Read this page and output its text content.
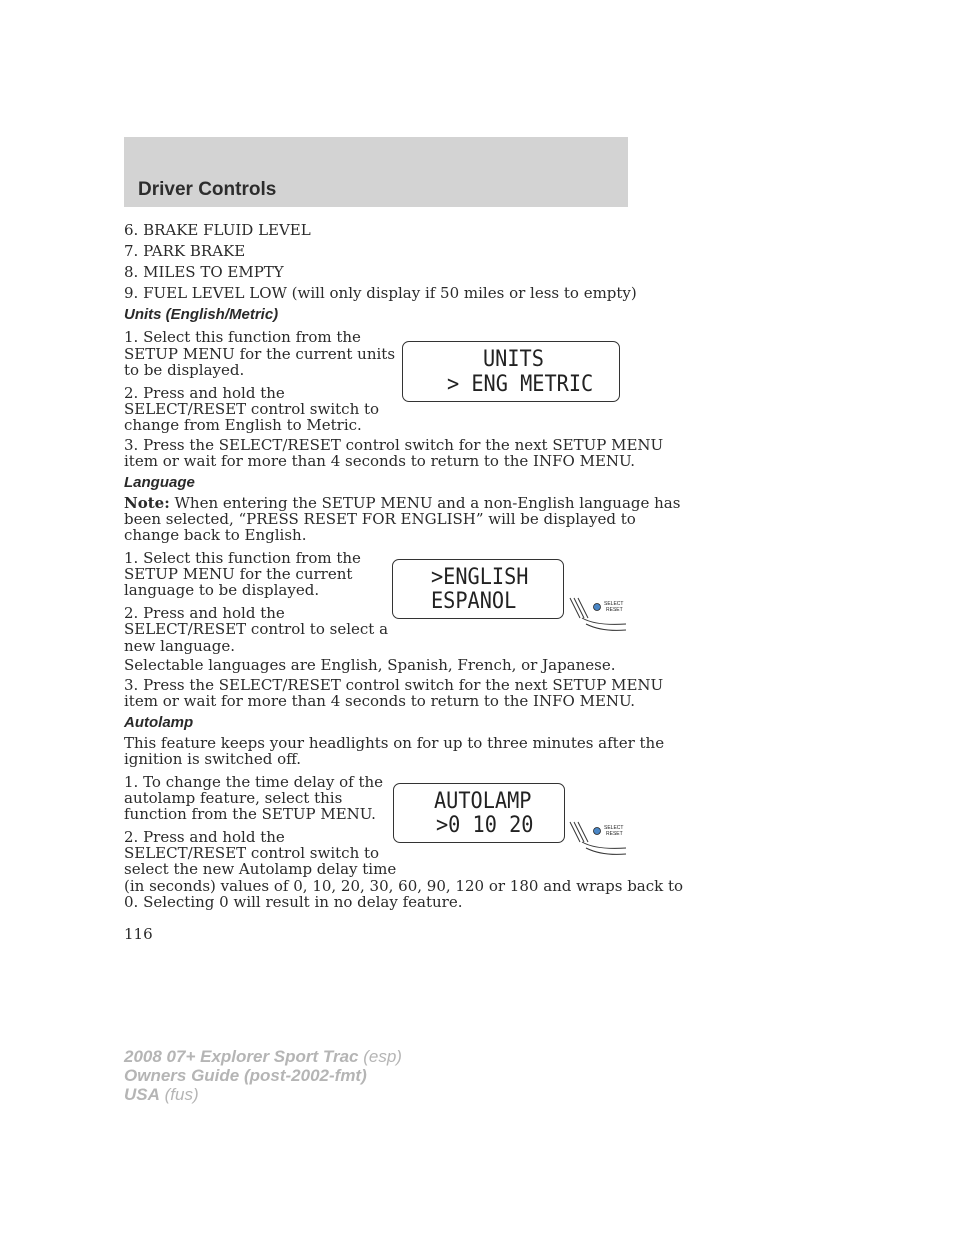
Driver Controls
6. BRAKE FLUID LEVEL
7. PARK BRAKE
8. MILES TO EMPTY
9. FUEL LEVEL LOW (will only display if 50 miles or less to empty)
Units (English/Metric)
1. Select this function from the
SETUP MENU for the current units
to be displayed.
2. Press and hold the
SELECT/RESET control switch to
change from English to Metric.
3. Press the SELECT/RESET control switch for the next SETUP MENU
item or wait for more than 4 seconds to return to the INFO MENU.
UNITS
> ENG METRIC
Language
Note: When entering the SETUP MENU and a non-English language has
been selected, “PRESS RESET FOR ENGLISH” will be displayed to
change back to English.
1. Select this function from the
SETUP MENU for the current
language to be displayed.
2. Press and hold the
SELECT/RESET control to select a
new language.
Selectable languages are English, Spanish, French, or Japanese.
3. Press the SELECT/RESET control switch for the next SETUP MENU
item or wait for more than 4 seconds to return to the INFO MENU.
>ENGLISH
ESPANOL	SELECT
RESET
Autolamp
This feature keeps your headlights on for up to three minutes after the
ignition is switched off.
1. To change the time delay of the
autolamp feature, select this
function from the SETUP MENU.
2. Press and hold the
SELECT/RESET control switch to
select the new Autolamp delay time
(in seconds) values of 0, 10, 20, 30, 60, 90, 120 or 180 and wraps back to
0. Selecting 0 will result in no delay feature.
AUTOLAMP
>0 10 20	SELECT
RESET
116
2008 07+ Explorer Sport Trac (esp)
Owners Guide (post-2002-fmt)
USA (fus)
